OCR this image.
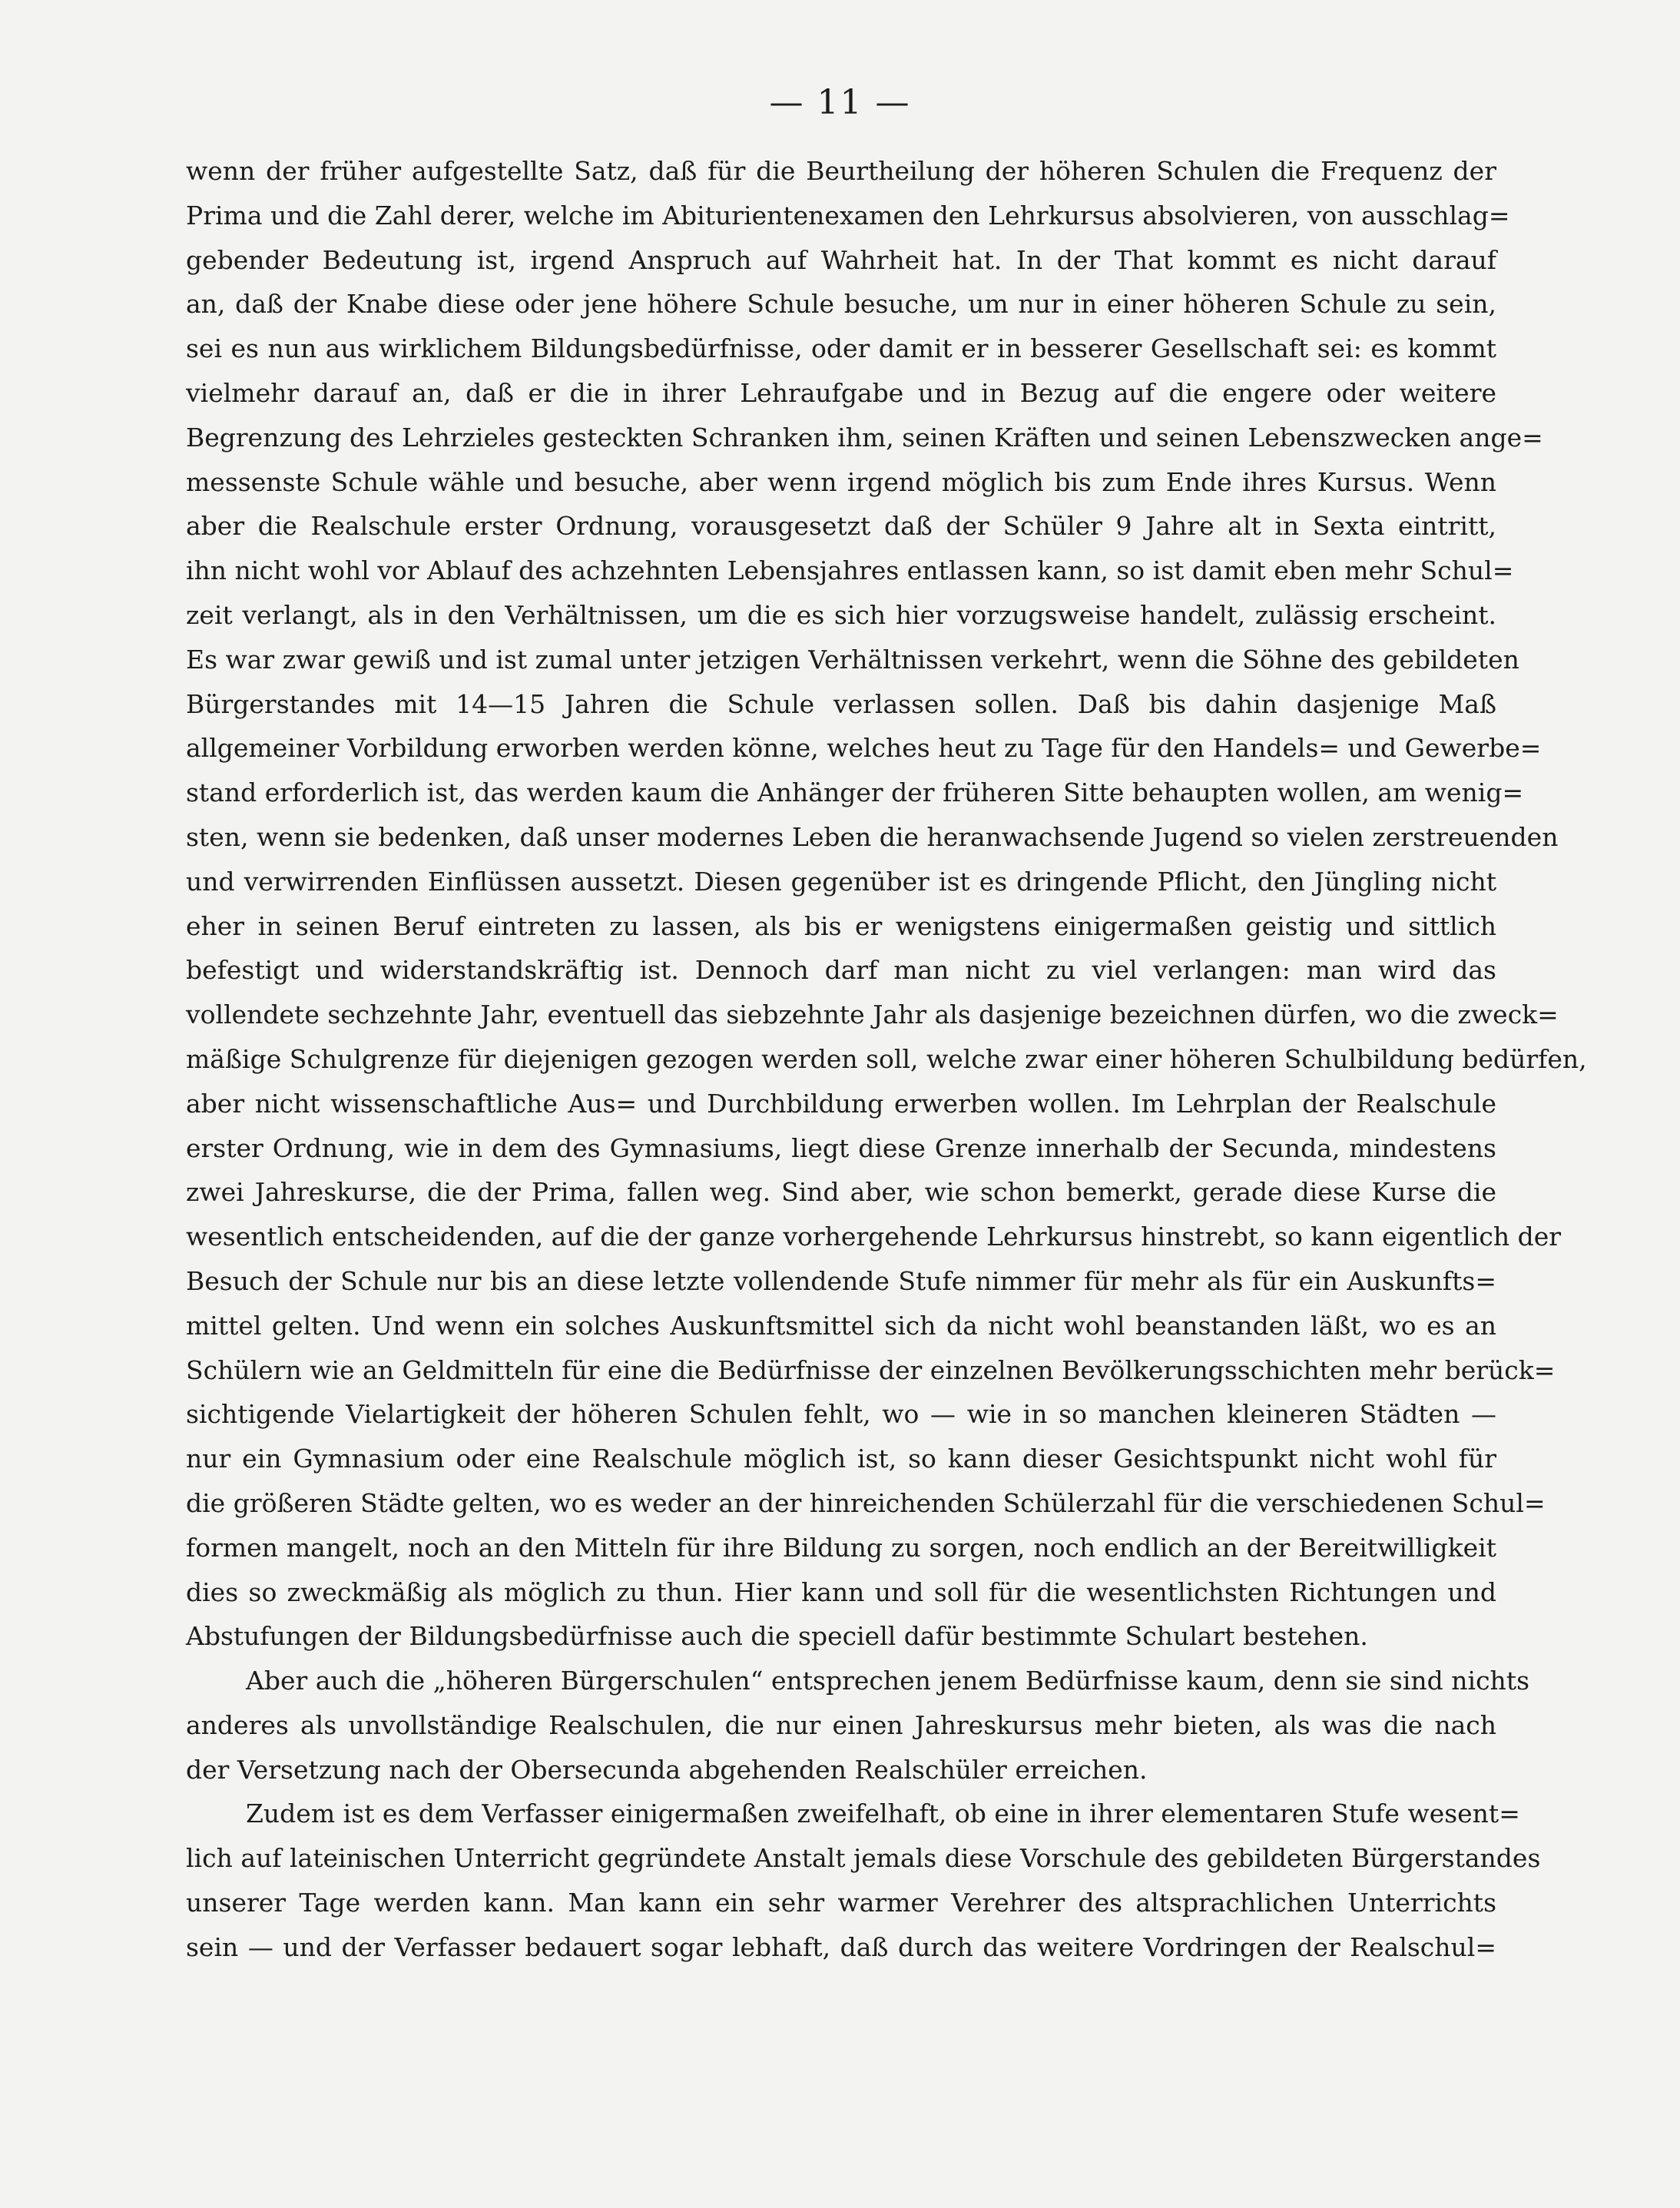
— 11 —
wenn der früher aufgestellte Satz, daß für die Beurtheilung der höheren Schulen die Frequenz der
Prima und die Zahl derer, welche im Abiturientenexamen den Lehrkursus absolvieren, von ausschlag=
gebender Bedeutung ist, irgend Anspruch auf Wahrheit hat. In der That kommt es nicht darauf
an, daß der Knabe diese oder jene höhere Schule besuche, um nur in einer höheren Schule zu sein,
sei es nun aus wirklichem Bildungsbedürfnisse, oder damit er in besserer Gesellschaft sei: es kommt
vielmehr darauf an, daß er die in ihrer Lehraufgabe und in Bezug auf die engere oder weitere
Begrenzung des Lehrzieles gesteckten Schranken ihm, seinen Kräften und seinen Lebenszwecken ange=
messenste Schule wähle und besuche, aber wenn irgend möglich bis zum Ende ihres Kursus. Wenn
aber die Realschule erster Ordnung, vorausgesetzt daß der Schüler 9 Jahre alt in Sexta eintritt,
ihn nicht wohl vor Ablauf des achzehnten Lebensjahres entlassen kann, so ist damit eben mehr Schul=
zeit verlangt, als in den Verhältnissen, um die es sich hier vorzugsweise handelt, zulässig erscheint.
Es war zwar gewiß und ist zumal unter jetzigen Verhältnissen verkehrt, wenn die Söhne des gebildeten
Bürgerstandes mit 14—15 Jahren die Schule verlassen sollen. Daß bis dahin dasjenige Maß
allgemeiner Vorbildung erworben werden könne, welches heut zu Tage für den Handels= und Gewerbe=
stand erforderlich ist, das werden kaum die Anhänger der früheren Sitte behaupten wollen, am wenig=
sten, wenn sie bedenken, daß unser modernes Leben die heranwachsende Jugend so vielen zerstreuenden
und verwirrenden Einflüssen aussetzt. Diesen gegenüber ist es dringende Pflicht, den Jüngling nicht
eher in seinen Beruf eintreten zu lassen, als bis er wenigstens einigermaßen geistig und sittlich
befestigt und widerstandskräftig ist. Dennoch darf man nicht zu viel verlangen: man wird das
vollendete sechzehnte Jahr, eventuell das siebzehnte Jahr als dasjenige bezeichnen dürfen, wo die zweck=
mäßige Schulgrenze für diejenigen gezogen werden soll, welche zwar einer höheren Schulbildung bedürfen,
aber nicht wissenschaftliche Aus= und Durchbildung erwerben wollen. Im Lehrplan der Realschule
erster Ordnung, wie in dem des Gymnasiums, liegt diese Grenze innerhalb der Secunda, mindestens
zwei Jahreskurse, die der Prima, fallen weg. Sind aber, wie schon bemerkt, gerade diese Kurse die
wesentlich entscheidenden, auf die der ganze vorhergehende Lehrkursus hinstrebt, so kann eigentlich der
Besuch der Schule nur bis an diese letzte vollendende Stufe nimmer für mehr als für ein Auskunfts=
mittel gelten. Und wenn ein solches Auskunftsmittel sich da nicht wohl beanstanden läßt, wo es an
Schülern wie an Geldmitteln für eine die Bedürfnisse der einzelnen Bevölkerungsschichten mehr berück=
sichtigende Vielartigkeit der höheren Schulen fehlt, wo — wie in so manchen kleineren Städten —
nur ein Gymnasium oder eine Realschule möglich ist, so kann dieser Gesichtspunkt nicht wohl für
die größeren Städte gelten, wo es weder an der hinreichenden Schülerzahl für die verschiedenen Schul=
formen mangelt, noch an den Mitteln für ihre Bildung zu sorgen, noch endlich an der Bereitwilligkeit
dies so zweckmäßig als möglich zu thun. Hier kann und soll für die wesentlichsten Richtungen und
Abstufungen der Bildungsbedürfnisse auch die speciell dafür bestimmte Schulart bestehen.
Aber auch die „höheren Bürgerschulen“ entsprechen jenem Bedürfnisse kaum, denn sie sind nichts
anderes als unvollständige Realschulen, die nur einen Jahreskursus mehr bieten, als was die nach
der Versetzung nach der Obersecunda abgehenden Realschüler erreichen.
Zudem ist es dem Verfasser einigermaßen zweifelhaft, ob eine in ihrer elementaren Stufe wesent=
lich auf lateinischen Unterricht gegründete Anstalt jemals diese Vorschule des gebildeten Bürgerstandes
unserer Tage werden kann. Man kann ein sehr warmer Verehrer des altsprachlichen Unterrichts
sein — und der Verfasser bedauert sogar lebhaft, daß durch das weitere Vordringen der Realschul=
